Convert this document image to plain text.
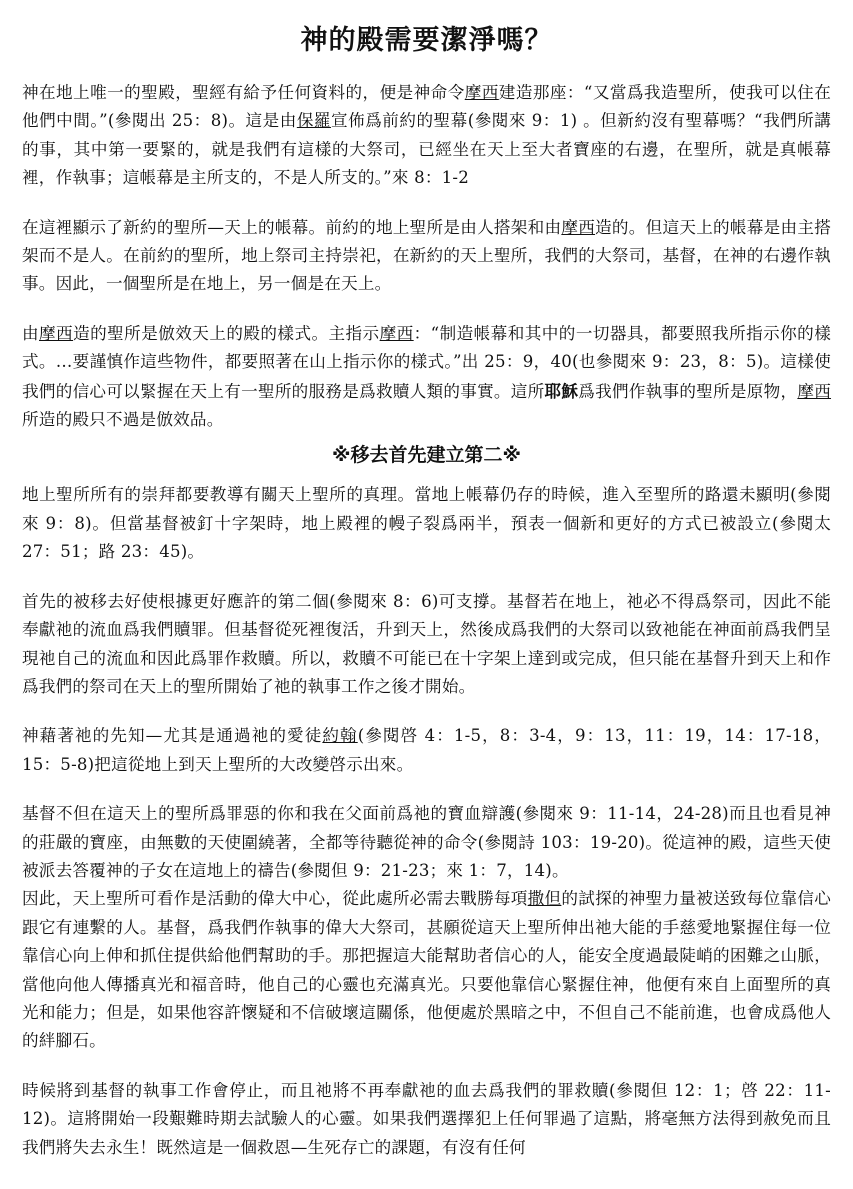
神的殿需要潔淨嗎？

神在地上唯一的聖殿，聖經有給予任何資料的，便是神命令摩西建造那座：“又當爲我造聖所，使我可以住在他們中間。”(參閱出 25：8)。這是由保羅宣佈爲前約的聖幕(參閱來 9：1) 。但新約沒有聖幕嗎？“我們所講的事，其中第一要緊的，就是我們有這樣的大祭司，已經坐在天上至大者寶座的右邊，在聖所，就是真帳幕裡，作執事；這帳幕是主所支的，不是人所支的。”來 8：1-2

在這裡顯示了新約的聖所—天上的帳幕。前約的地上聖所是由人搭架和由摩西造的。但這天上的帳幕是由主搭架而不是人。在前約的聖所，地上祭司主持崇祀，在新約的天上聖所，我們的大祭司，基督，在神的右邊作執事。因此，一個聖所是在地上，另一個是在天上。

由摩西造的聖所是倣效天上的殿的樣式。主指示摩西：“制造帳幕和其中的一切器具，都要照我所指示你的樣式。…要謹慎作這些物件，都要照著在山上指示你的樣式。”出 25：9，40(也參閱來 9：23，8：5)。這樣使我們的信心可以緊握在天上有一聖所的服務是爲救贖人類的事實。這所耶穌爲我們作執事的聖所是原物，摩西所造的殿只不過是倣效品。

※移去首先建立第二※

地上聖所所有的崇拜都要教導有關天上聖所的真理。當地上帳幕仍存的時候，進入至聖所的路還未顯明(參閱來 9：8)。但當基督被釘十字架時，地上殿裡的幔子裂爲兩半，預表一個新和更好的方式已被設立(參閱太 27：51；路 23：45)。

首先的被移去好使根據更好應許的第二個(參閱來 8：6)可支撐。基督若在地上，祂必不得爲祭司，因此不能奉獻祂的流血爲我們贖罪。但基督從死裡復活，升到天上，然後成爲我們的大祭司以致祂能在神面前爲我們呈現祂自己的流血和因此爲罪作救贖。所以，救贖不可能已在十字架上達到或完成，但只能在基督升到天上和作爲我們的祭司在天上的聖所開始了祂的執事工作之後才開始。

神藉著祂的先知—尤其是通過祂的愛徒約翰(參閱啓 4：1-5，8：3-4，9：13，11：19，14：17-18，15：5-8)把這從地上到天上聖所的大改變啓示出來。

基督不但在這天上的聖所爲罪惡的你和我在父面前爲祂的寶血辯護(參閱來 9：11-14，24-28)而且也看見神的莊嚴的寶座，由無數的天使圍繞著，全都等待聽從神的命令(參閱詩 103：19-20)。從這神的殿，這些天使被派去答覆神的子女在這地上的禱告(參閱但 9：21-23；來 1：7，14)。

因此，天上聖所可看作是活動的偉大中心，從此處所必需去戰勝每項撒但的試探的神聖力量被送致每位靠信心跟它有連繫的人。基督，爲我們作執事的偉大大祭司，甚願從這天上聖所伸出祂大能的手慈愛地緊握住每一位靠信心向上伸和抓住提供給他們幫助的手。那把握這大能幫助者信心的人，能安全度過最陡峭的困難之山脈，當他向他人傳播真光和福音時，他自己的心靈也充滿真光。只要他靠信心緊握住神，他便有來自上面聖所的真光和能力；但是，如果他容許懷疑和不信破壞這關係，他便處於黑暗之中，不但自己不能前進，也會成爲他人的絆腳石。

時候將到基督的執事工作會停止，而且祂將不再奉獻祂的血去爲我們的罪救贖(參閱但 12：1；啓 22：11-12)。這將開始一段艱難時期去試驗人的心靈。如果我們選擇犯上任何罪過了這點，將毫無方法得到赦免而且我們將失去永生！既然這是一個救恩—生死存亡的課題，有沒有任何
